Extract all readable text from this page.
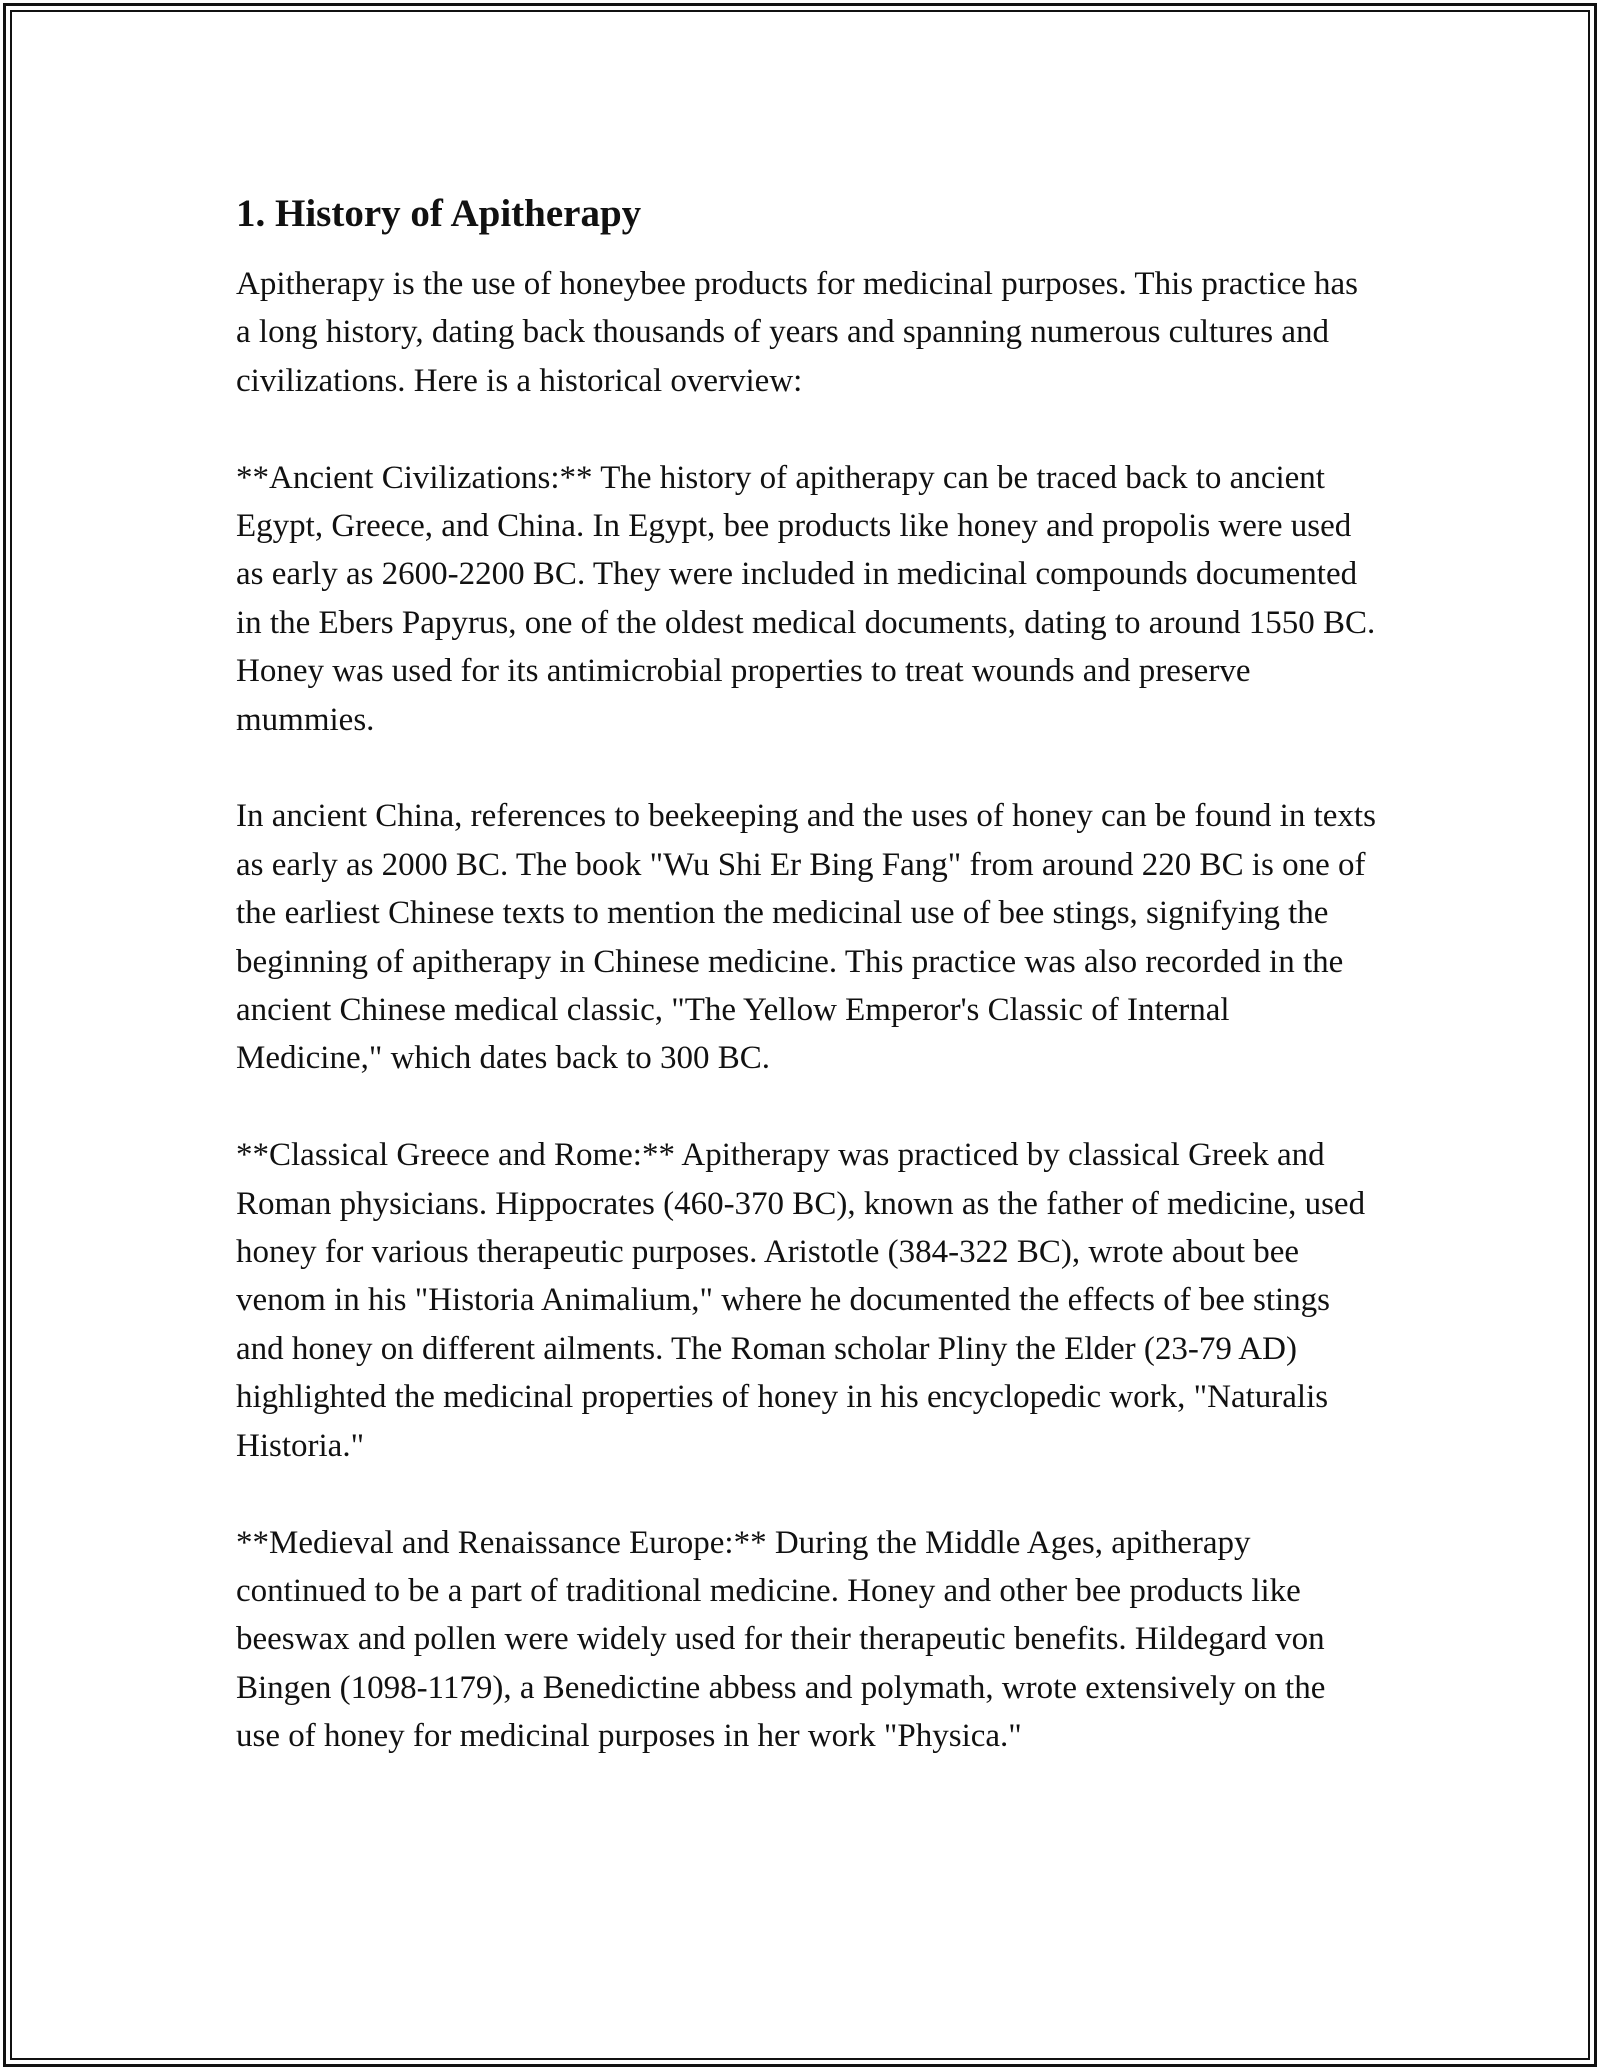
1. History of Apitherapy

Apitherapy is the use of honeybee products for medicinal purposes. This practice has a long history, dating back thousands of years and spanning numerous cultures and civilizations. Here is a historical overview:

**Ancient Civilizations:** The history of apitherapy can be traced back to ancient Egypt, Greece, and China. In Egypt, bee products like honey and propolis were used as early as 2600-2200 BC. They were included in medicinal compounds documented in the Ebers Papyrus, one of the oldest medical documents, dating to around 1550 BC. Honey was used for its antimicrobial properties to treat wounds and preserve mummies.

In ancient China, references to beekeeping and the uses of honey can be found in texts as early as 2000 BC. The book "Wu Shi Er Bing Fang" from around 220 BC is one of the earliest Chinese texts to mention the medicinal use of bee stings, signifying the beginning of apitherapy in Chinese medicine. This practice was also recorded in the ancient Chinese medical classic, "The Yellow Emperor's Classic of Internal Medicine," which dates back to 300 BC.

**Classical Greece and Rome:** Apitherapy was practiced by classical Greek and Roman physicians. Hippocrates (460-370 BC), known as the father of medicine, used honey for various therapeutic purposes. Aristotle (384-322 BC), wrote about bee venom in his "Historia Animalium," where he documented the effects of bee stings and honey on different ailments. The Roman scholar Pliny the Elder (23-79 AD) highlighted the medicinal properties of honey in his encyclopedic work, "Naturalis Historia."

**Medieval and Renaissance Europe:** During the Middle Ages, apitherapy continued to be a part of traditional medicine. Honey and other bee products like beeswax and pollen were widely used for their therapeutic benefits. Hildegard von Bingen (1098-1179), a Benedictine abbess and polymath, wrote extensively on the use of honey for medicinal purposes in her work "Physica."
